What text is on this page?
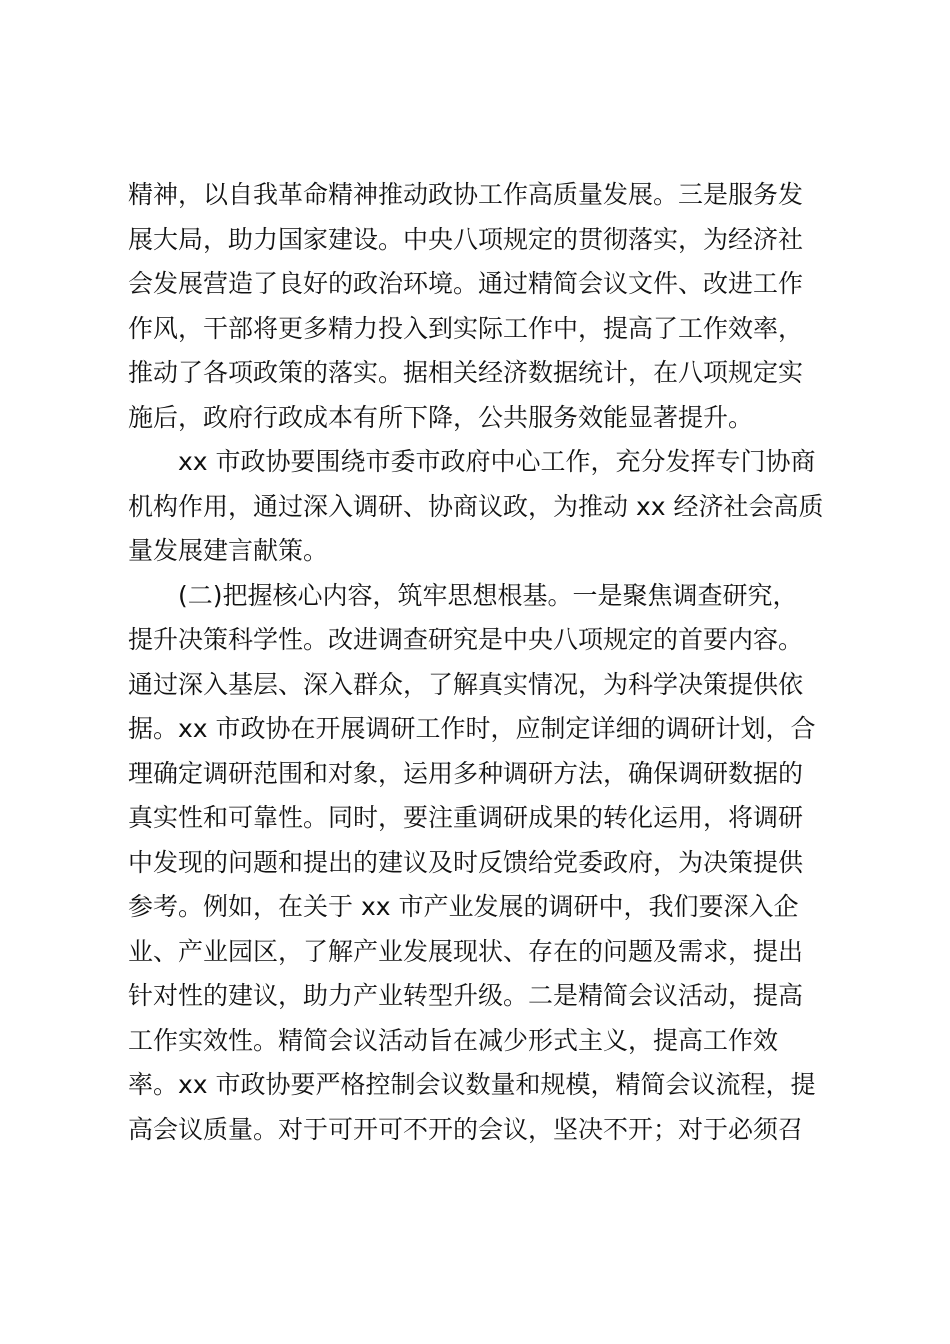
精神，以自我革命精神推动政协工作高质量发展。三是服务发
展大局，助力国家建设。中央八项规定的贯彻落实，为经济社
会发展营造了良好的政治环境。通过精简会议文件、改进工作
作风，干部将更多精力投入到实际工作中，提高了工作效率，
推动了各项政策的落实。据相关经济数据统计，在八项规定实
施后，政府行政成本有所下降，公共服务效能显著提升。
xx 市政协要围绕市委市政府中心工作，充分发挥专门协商
机构作用，通过深入调研、协商议政，为推动 xx 经济社会高质
量发展建言献策。
(二)把握核心内容，筑牢思想根基。一是聚焦调查研究，
提升决策科学性。改进调查研究是中央八项规定的首要内容。
通过深入基层、深入群众，了解真实情况，为科学决策提供依
据。xx 市政协在开展调研工作时，应制定详细的调研计划，合
理确定调研范围和对象，运用多种调研方法，确保调研数据的
真实性和可靠性。同时，要注重调研成果的转化运用，将调研
中发现的问题和提出的建议及时反馈给党委政府，为决策提供
参考。例如，在关于 xx 市产业发展的调研中，我们要深入企
业、产业园区，了解产业发展现状、存在的问题及需求，提出
针对性的建议，助力产业转型升级。二是精简会议活动，提高
工作实效性。精简会议活动旨在减少形式主义，提高工作效
率。xx 市政协要严格控制会议数量和规模，精简会议流程，提
高会议质量。对于可开可不开的会议，坚决不开；对于必须召
